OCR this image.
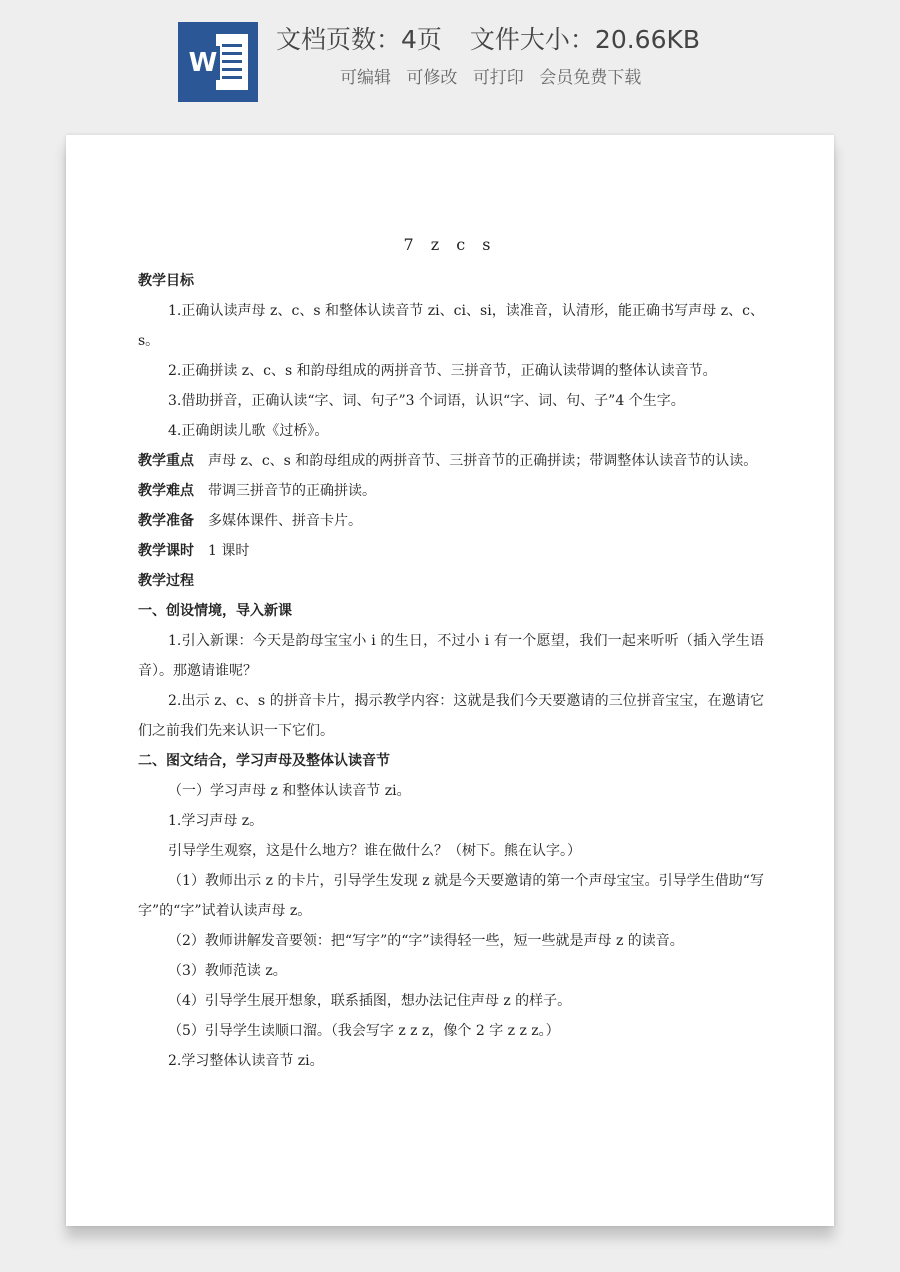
W
文档页数：4页 文件大小：20.66KB
可编辑 可修改 可打印 会员免费下载
7 z c s

教学目标

1.正确认读声母 z、c、s 和整体认读音节 zi、ci、si，读准音，认清形，能正确书写声母 z、c、s。

2.正确拼读 z、c、s 和韵母组成的两拼音节、三拼音节，正确认读带调的整体认读音节。

3.借助拼音，正确认读“字、词、句子”3 个词语，认识“字、词、句、子”4 个生字。

4.正确朗读儿歌《过桥》。

教学重点 声母 z、c、s 和韵母组成的两拼音节、三拼音节的正确拼读；带调整体认读音节的认读。

教学难点 带调三拼音节的正确拼读。

教学准备 多媒体课件、拼音卡片。

教学课时 1 课时

教学过程

一、创设情境，导入新课

1.引入新课：今天是韵母宝宝小 i 的生日，不过小 i 有一个愿望，我们一起来听听（插入学生语音）。那邀请谁呢？

2.出示 z、c、s 的拼音卡片，揭示教学内容：这就是我们今天要邀请的三位拼音宝宝，在邀请它们之前我们先来认识一下它们。

二、图文结合，学习声母及整体认读音节

（一）学习声母 z 和整体认读音节 zi。

1.学习声母 z。

引导学生观察，这是什么地方？谁在做什么？（树下。熊在认字。）

（1）教师出示 z 的卡片，引导学生发现 z 就是今天要邀请的第一个声母宝宝。引导学生借助“写字”的“字”试着认读声母 z。

（2）教师讲解发音要领：把“写字”的“字”读得轻一些，短一些就是声母 z 的读音。

（3）教师范读 z。

（4）引导学生展开想象，联系插图，想办法记住声母 z 的样子。

（5）引导学生读顺口溜。（我会写字 z z z，像个 2 字 z z z。）

2.学习整体认读音节 zi。
